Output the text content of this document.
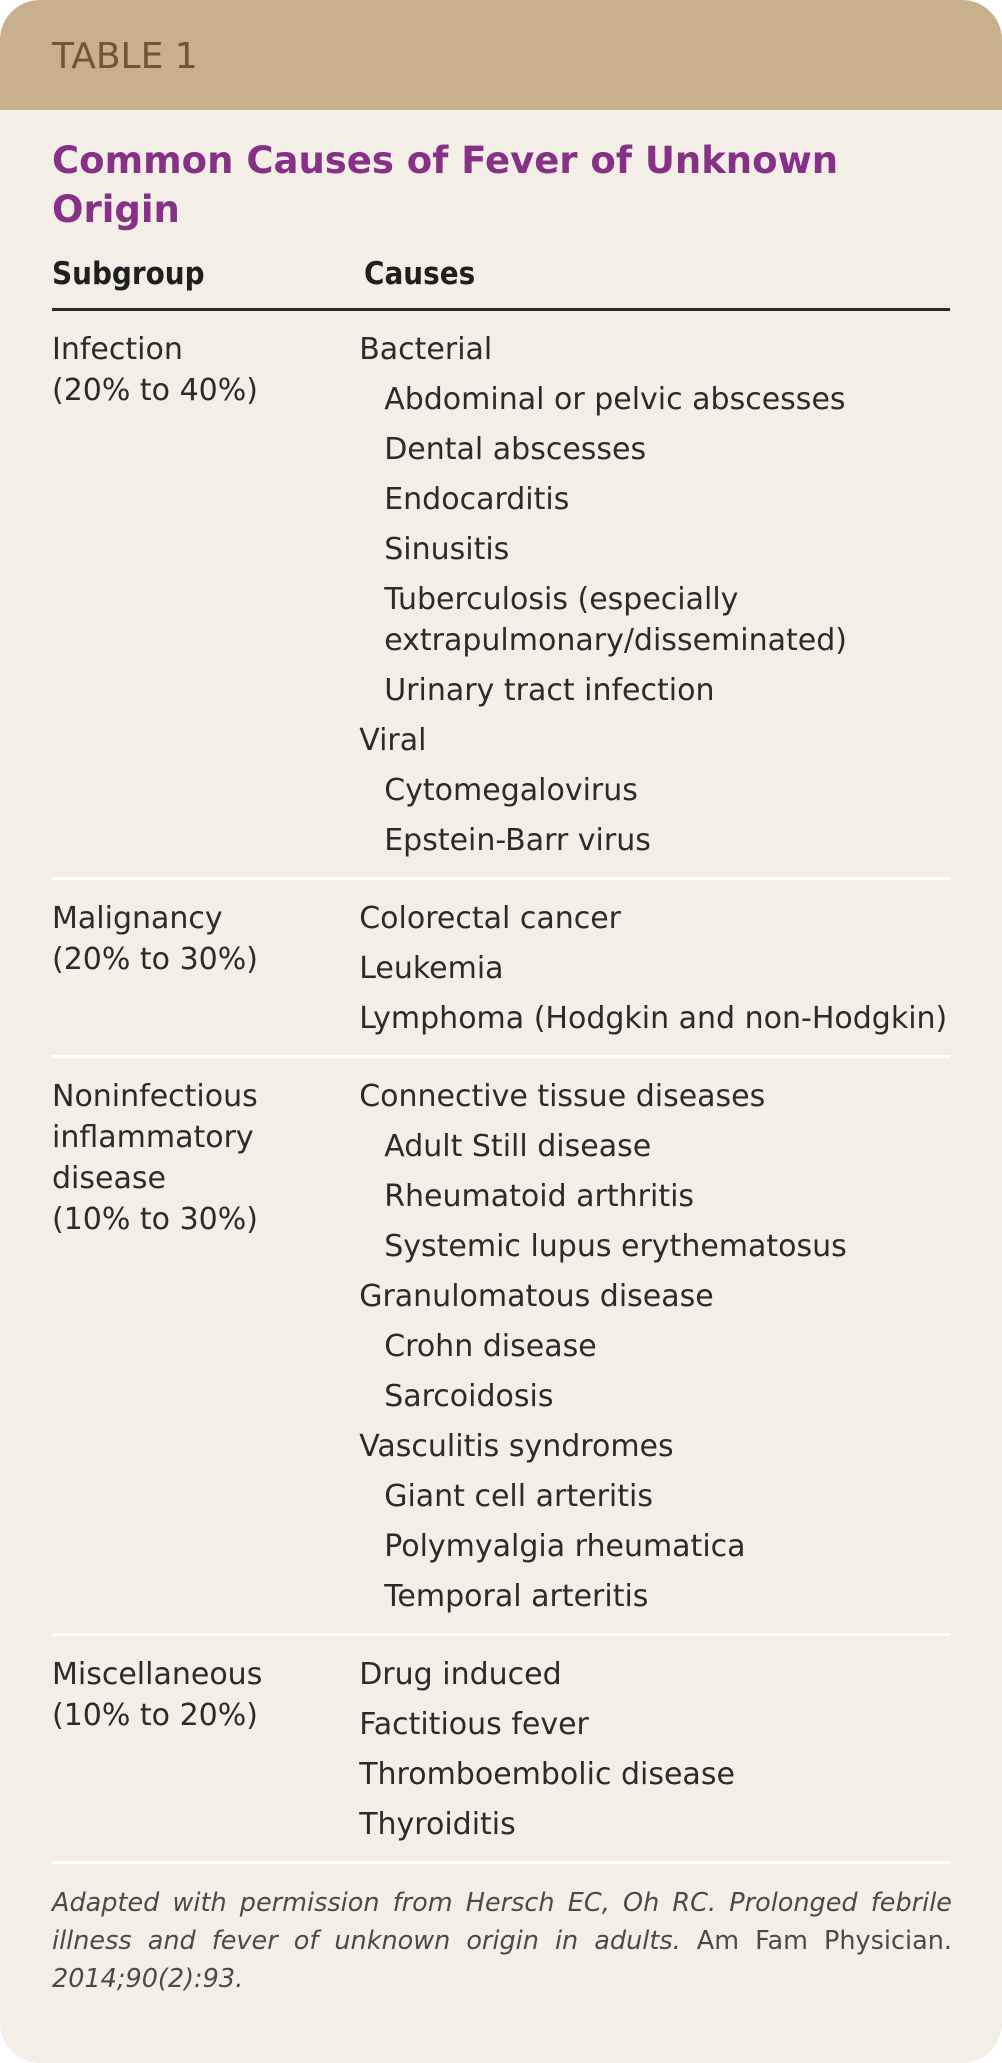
TABLE 1
Common Causes of Fever of Unknown Origin
Subgroup	Causes
Infection
(20% to 40%)
Bacterial
Abdominal or pelvic abscesses
Dental abscesses
Endocarditis
Sinusitis
Tuberculosis (especially extrapulmonary/disseminated)
Urinary tract infection
Viral
Cytomegalovirus
Epstein-Barr virus
Malignancy
(20% to 30%)
Colorectal cancer
Leukemia
Lymphoma (Hodgkin and non-Hodgkin)
Noninfectious
inflammatory
disease
(10% to 30%)
Connective tissue diseases
Adult Still disease
Rheumatoid arthritis
Systemic lupus erythematosus
Granulomatous disease
Crohn disease
Sarcoidosis
Vasculitis syndromes
Giant cell arteritis
Polymyalgia rheumatica
Temporal arteritis
Miscellaneous
(10% to 20%)
Drug induced
Factitious fever
Thromboembolic disease
Thyroiditis

Adapted with permission from Hersch EC, Oh RC. Prolonged febrile illness and fever of unknown origin in adults. Am Fam Physician. 2014;90(2):93.
